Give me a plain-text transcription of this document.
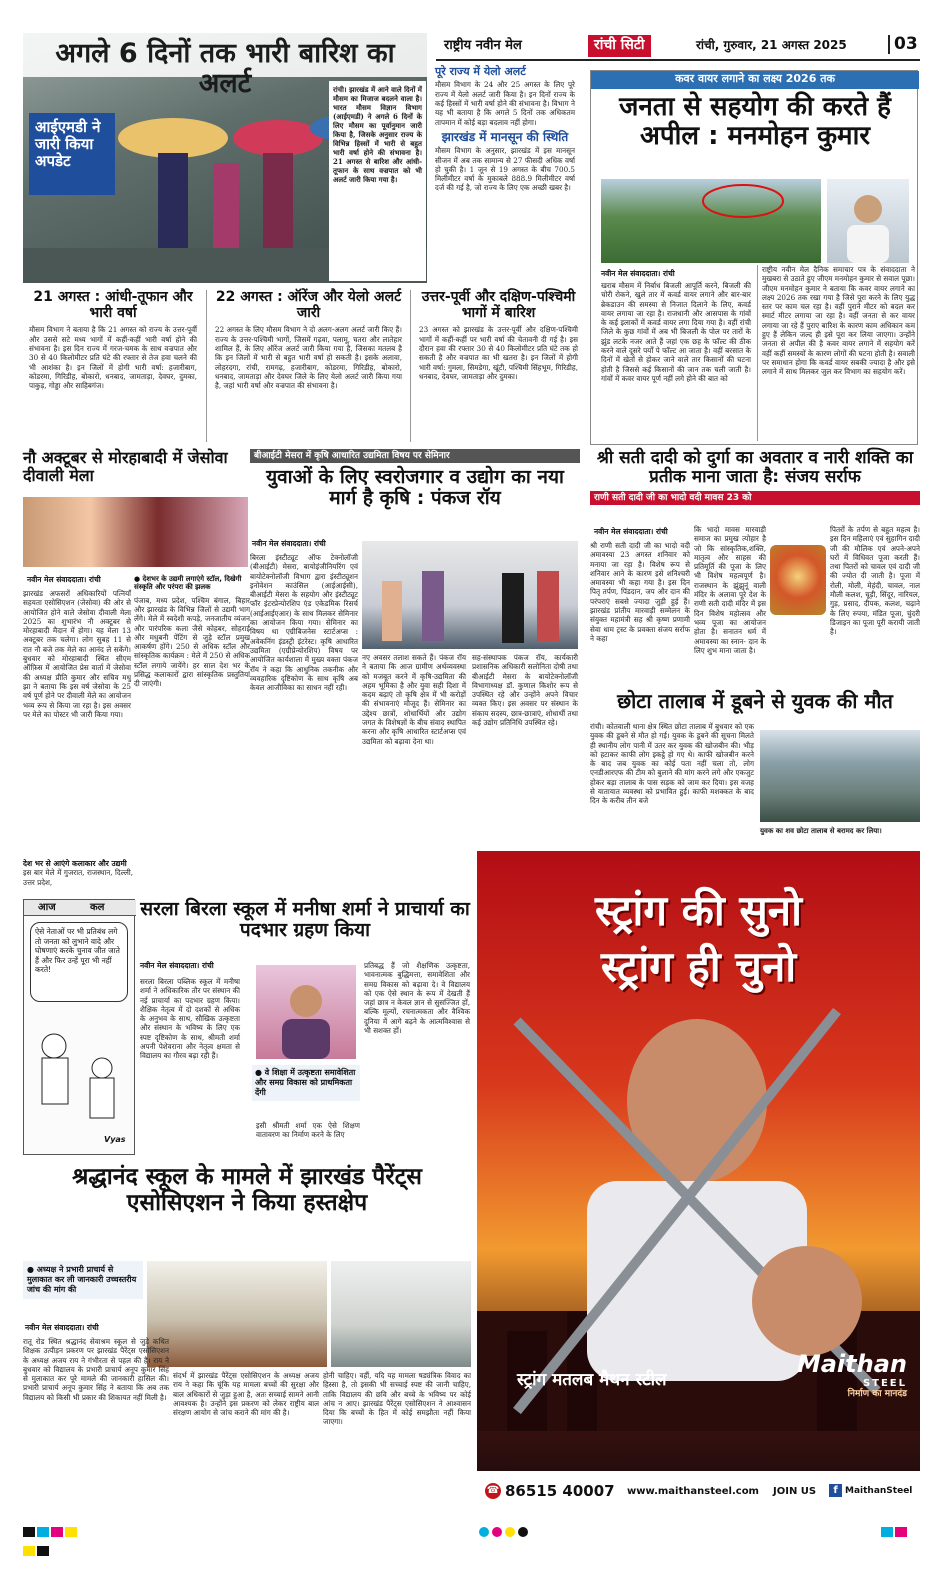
अगले 6 दिनों तक भारी बारिश का अलर्ट
आईएमडी ने जारी किया अपडेट
रांची। झारखंड में आने वाले दिनों में मौसम का मिजाज बदलने वाला है। भारत मौसम विज्ञान विभाग (आईएमडी) ने अगले 6 दिनों के लिए मौसम का पूर्वानुमान जारी किया है, जिसके अनुसार राज्य के विभिन्न हिस्सों में भारी से बहुत भारी वर्षा होने की संभावना है। 21 अगस्त से बारिश और आंधी-तूफान के साथ वज्रपात को भी अलर्ट जारी किया गया है।
पूरे राज्य में येलो अलर्ट
मौसम विभाग के 24 और 25 अगस्त के लिए पूरे राज्य में येलो अलर्ट जारी किया है। इन दिनों राज्य के कई हिस्सों में भारी वर्षा होने की संभावना है। विभाग ने यह भी बताया है कि अगले 5 दिनों तक अधिकतम तापमान में कोई बड़ा बदलाव नहीं होगा।
झारखंड में मानसून की स्थिति
मौसम विभाग के अनुसार, झारखंड में इस मानसून सीजन में अब तक सामान्य से 27 फीसदी अधिक वर्षा हो चुकी है। 1 जून से 19 अगस्त के बीच 700.5 मिलीमीटर वर्षा के मुकाबले 888.9 मिलीमीटर वर्षा दर्ज की गई है, जो राज्य के लिए एक अच्छी खबर है।
21 अगस्त : आंधी-तूफान और भारी वर्षा
मौसम विभाग ने बताया है कि 21 अगस्त को राज्य के उत्तर-पूर्वी और उससे सटे मध्य भागों में कहीं-कहीं भारी वर्षा होने की संभावना है। इस दिन राज्य में गरज-चमक के साथ वज्रपात और 30 से 40 किलोमीटर प्रति घंटे की रफ्तार से तेज हवा चलने की भी आशंका है। इन जिलों में होगी भारी वर्षा: हजारीबाग, कोडरमा, गिरिडीह, बोकारो, धनबाद, जामताड़ा, देवघर, दुमका, पाकुड़, गोड्डा और साहिबगंज।
22 अगस्त : ऑरेंज और येलो अलर्ट जारी
22 अगस्त के लिए मौसम विभाग ने दो अलग-अलग अलर्ट जारी किए हैं। राज्य के उत्तर-पश्चिमी भागों, जिसमें गढ़वा, पलामू, चतरा और लातेहार शामिल हैं, के लिए ऑरेंज अलर्ट जारी किया गया है, जिसका मतलब है कि इन जिलों में भारी से बहुत भारी वर्षा हो सकती है। इसके अलावा, लोहरदगा, रांची, रामगढ़, हजारीबाग, कोडरमा, गिरिडीह, बोकारो, धनबाद, जामताड़ा और देवघर जिले के लिए येलो अलर्ट जारी किया गया है, जहां भारी वर्षा और वज्रपात की संभावना है।
उत्तर-पूर्वी और दक्षिण-पश्चिमी भागों में बारिश
23 अगस्त को झारखंड के उत्तर-पूर्वी और दक्षिण-पश्चिमी भागों में कहीं-कहीं पर भारी वर्षा की चेतावनी दी गई है। इस दौरान हवा की रफ्तार 30 से 40 किलोमीटर प्रति घंटे तक हो सकती है और वज्रपात का भी खतरा है। इन जिलों में होगी भारी वर्षा: गुमला, सिमडेगा, खूंटी, पश्चिमी सिंहभूम, गिरिडीह, धनबाद, देवघर, जामताड़ा और दुमका।
राष्ट्रीय नवीन मेल	रांची सिटी	रांची, गुरुवार, 21 अगस्त 2025	03
कवर वायर लगाने का लक्ष्य 2026 तक
जनता से सहयोग की करते हैं अपील : मनमोहन कुमार
नवीन मेल संवाददाता। रांची
खराब मौसम में निर्बाध बिजली आपूर्ति करने, बिजली की चोरी रोकने, खुले तार में कवर्ड वायर लगाने और बार-बार ब्रेकडाउन की समस्या से निजात दिलाने के लिए, कवर्ड वायर लगाया जा रहा है। राजधानी और आसपास के गांवों के कई इलाकों में कवर्ड वायर लगा दिया गया है। वहीं रांची जिले के कुछ गांवों में अब भी बिजली के पोल पर तारों के झुंड लटके नजर आते हैं जहां एक छह के फॉल्ट की ठीक करने वाले दूसरे पर्यों पे फॉल्ट आ जाता है। वहीं बरसात के दिनों में खेतों से होकर जाने वाले तार किसानों की घटना होती है जिससे कई किसानों की जान तक चली जाती है। गांवों में कवर वायर पूर्ण नहीं लगे होने की बात को
राष्ट्रीय नवीन मेल दैनिक समाचार पत्र के संवाददाता ने मुखबरा से उठाते हुए जीएम मनमोहन कुमार से सवाल पूछा। जीएम मनमोहन कुमार ने बताया कि कवर वायर लगाने का लक्ष्य 2026 तक रखा गया है जिसे पूरा करने के लिए युद्ध स्तर पर काम चल रहा है। वहीं पुराने मीटर को बदल कर स्मार्ट मीटर लगाया जा रहा है। वहीं जनता से कर वायर लगाया जा रहे हैं पुराए बारिश के कारण काम अधिकान कम हुए हैं लेकिन जल्द ही इसे पूरा कर लिया जाएगा। उन्होंने जनता से अपील की है कवर वायर लगाने में सहयोग करें वहीं कहीं समस्यों के कारण लोगों की घटना होती है। सवाली पर समाधान होगा कि कवर्ड वायर सबकी ज्यादा है और इसे लगाने में साथ मिलकर जुल कर विभाग का सहयोग करें।
नौ अक्टूबर से मोरहाबादी में जेसोवा दीवाली मेला
नवीन मेल संवाददाता। रांची
झारखंड अफसरों अधिकारियों पत्नियाँ सहयता एसोसिएशन (जेसोवा) की ओर से आयोजित होने वाले जेसोवा दीवाली मेला 2025 का शुभारंभ नौ अक्टूबर से मोरहाबादी मैदान में होगा। यह मेला 13 अक्टूबर तक चलेगा। लोग सुबह 11 से रात नौ बजे तक मेले का आनंद ले सकेंगे। बुधवार को मोरहाबादी स्थित सीएम ऑफ़िस में आयोजित प्रेस वार्ता में जेसोवा की अध्यक्ष प्रीति कुमार और सचिव मधु झा ने बताया कि इस वर्ष जेसोवा के 25 वर्ष पूर्ण होने पर दीवाली मेले का आयोजन भव्य रूप से किया जा रहा है। इस अवसर पर मेले का पोस्टर भी जारी किया गया।
● देशभर के उद्यमी लगाएंगे स्टॉल, दिखेगी संस्कृति और परंपरा की झलक
पंजाब, मध्य प्रदेश, पश्चिम बंगाल, बिहार और झारखंड के विभिन्न जिलों से उद्यमी भाग लेंगे। मेले में स्वदेशी कपड़े, जनजातीय व्यंजन और पारंपरिक कला जैसे कोहबर, सोहराई और मधुबनी पेंटिंग से जुड़े स्टॉल प्रमुख आकर्षण होंगे। 250 से अधिक स्टॉल और सांस्कृतिक कार्यक्रम : मेले में 250 से अधिक स्टॉल लगाये जायेंगे। हर साल देश भर के प्रसिद्ध कलाकारों द्वारा सांस्कृतिक प्रस्तुतियां दी जाएंगी।
देश भर से आएंगे कलाकार और उद्यमी
इस बार मेले में गुजरात, राजस्थान, दिल्ली, उत्तर प्रदेश,
बीआईटी मेसरा में कृषि आधारित उद्यमिता विषय पर सेमिनार
युवाओं के लिए स्वरोजगार व उद्योग का नया मार्ग है कृषि : पंकज रॉय
नवीन मेल संवाददाता। रांची
बिरला इंस्टीट्यूट ऑफ टेक्नोलॉजी (बीआईटी) मेसरा, बायोइंजीनियरिंग एवं बायोटेक्नोलॉजी विभाग द्वारा इंस्टीट्यूशन इनोवेशन काउंसिल (आईआईसी), बीआईटी मेसरा के सहयोग और इंस्टीट्यूट फॉर इंटरप्रेन्योरशिप एंड एकेडमिक रिसर्च (आईआईएआर) के साथ मिलकर सेमिनार का आयोजन किया गया। सेमिनार का विषय था एग्रीबिजनेस स्टार्टअप्स : अवेकनिंग इंडस्ट्री इंटरेस्ट। कृषि आधारित उद्यमिता (एग्रीप्रेन्योरशिप) विषय पर आयोजित कार्यशाला में मुख्य वक्ता पंकज रॉय ने कहा कि आधुनिक तकनीक और व्यवहारिक दृष्टिकोण के साथ कृषि अब केवल आजीविका का साधन नहीं रही।
नए अवसर तलाश सकते हैं। पंकज रॉय ने बताया कि आज ग्रामीण अर्थव्यवस्था को मजबूत करने में कृषि-उद्यमिता की अहम भूमिका है और युवा सही दिशा में कदम बढ़ाएं तो कृषि क्षेत्र में भी करोड़ों की संभावनाएं मौजूद हैं। सेमिनार का उद्देश्य छात्रों, शोधार्थियों और उद्योग जगत के विशेषज्ञों के बीच संवाद स्थापित करना और कृषि आधारित स्टार्टअप्स एवं उद्यमिता को बढ़ावा देना था।
सह-संस्थापक पंकज रॉय, कार्यकारी प्रशासनिक अधिकारी सलोनिता दोषी तथा बीआईटी मेसरा के बायोटेक्नोलॉजी विभागाध्यक्ष डॉ. कुणाल किशोर रूप से उपस्थित रहे और उन्होंने अपने विचार व्यक्त किए। इस अवसर पर संस्थान के संकाय सदस्य, छात्र-छात्राएं, शोधार्थी तथा कई उद्योग प्रतिनिधि उपस्थित रहे।
श्री सती दादी को दुर्गा का अवतार व नारी शक्ति का प्रतीक माना जाता है: संजय सर्राफ
राणी सती दादी जी का भादो वदी मावस 23 को
नवीन मेल संवाददाता। रांची
श्री राणी सती दादी जी का भादो वदी अमावस्या 23 अगस्त शनिवार को मनाया जा रहा है। विशेष रूप से शनिवार आने के कारण इसे शनिश्चरी अमावस्या भी कहा गया है। इस दिन पितृ तर्पण, पिंडदान, जप और दान की परंपराएं सबसे ज्यादा जुड़ी हुई हैं। झारखंड प्रांतीय मारवाड़ी सम्मेलन के संयुक्त महामंत्री सह श्री कृष्ण प्रणामी सेवा धाम ट्रस्ट के प्रवक्ता संजय सर्राफ ने कहा
कि भादो मावस मारवाड़ी समाज का प्रमुख त्योहार है जो कि सांस्कृतिक,शक्ति, मातृत्व और साहस की प्रतिमूर्ति की पूजा के लिए भी विशेष महत्वपूर्ण है। राजस्थान के झुंझुनूं वाली मंदिर के अलावा पूरे देश के राणी सती दादी मंदिर में इस दिन विशेष महोत्सव और भव्य पूजा का आयोजन होता है। सनातन धर्म में अमावस्या का स्नान- दान के लिए शुभ माना जाता है।
पितरों के तर्पण से बहुत महत्व है। इस दिन महिलाएं एवं सुहागिन दादी जी की मौलिक एवं अपने-अपने घरों में विधिवत पूजा करती हैं। तथा पितरों को चावल एवं दादी जी की ज्योत दी जाती है। पूजा में रोली, मोली, मेहंदी, चावल, नाल मौली कलश, चूड़ी, सिंदूर, नारियल, गुड़, प्रसाद, दीपक, कलश, चढ़ाने के लिए रुपया, मंडित पूजा, चुंदरी डिजाइन का पूजा पूरी करायी जाती है।
छोटा तालाब में डूबने से युवक की मौत
रांची। कोतवाली थाना क्षेत्र स्थित छोटा तालाब में बुधवार को एक युवक की डूबने से मौत हो गई। युवक के डूबने की सूचना मिलते ही स्थानीय लोग पानी में उतर कर युवक की खोजबीन की। भीड़ को हटाकर काफी लोग इकट्ठे हो गए थे। काफी खोजबीन करने के बाद जब युवक का कोई पता नहीं चला तो, लोग एनडीआरएफ की टीम को बुलाने की मांग करने लगे और एकजुट होकर बड़ा तालाब के पास सड़क को जाम कर दिया। इस वजह से यातायात व्यवस्था को प्रभावित हुई। काफी मशक्कत के बाद दिन के करीब तीन बजे
युवक का शव छोटा तालाब से बरामद कर लिया।
आज	कल
ऐसे नेताओं पर भी प्रतिबंध लगे तो जनता को लुभाने वादे और घोषणाएं करके चुनाव जीत जाते हैं और फिर उन्हें पूरा भी नहीं करते!
Vyas
सरला बिरला स्कूल में मनीषा शर्मा ने प्राचार्या का पदभार ग्रहण किया
नवीन मेल संवाददाता। रांची
सरला बिरला पब्लिक स्कूल में मनीषा शर्मा ने अधिकारिक तौर पर संस्थान की नई प्राचार्या का पदभार ग्रहण किया। शैक्षिक नेतृत्व में दो दशकों से अधिक के अनुभव के साथ, सौखिक उत्कृष्टता और संस्थान के भविष्य के लिए एक स्पष्ट दृष्टिकोण के साथ, श्रीमती शर्मा अपनी पेशेवराना और नेतृत्व क्षमता से विद्यालय का गौरव बढ़ा रही हैं।
● वे शिक्षा में उत्कृष्टता समावेशिता और समग्र विकास को प्राथमिकता देंगी
इसी श्रीमती शर्मा एक ऐसे शिक्षण वातावरण का निर्माण करने के लिए
प्रतिबद्ध हैं जो शैक्षणिक उत्कृष्टता, भावनात्मक बुद्धिमत्ता, समावेशिता और समग्र विकास को बढ़ावा दे। वे विद्यालय को एक ऐसे स्थान के रूप में देखती हैं जहां छात्र न केवल ज्ञान से सुसज्जित हों, बल्कि मूल्यों, रचनात्मकता और वैश्विक दुनिया में आगे बढ़ने के आत्मविश्वास से भी सशक्त हों।
श्रद्धानंद स्कूल के मामले में झारखंड पैरेंट्स एसोसिएशन ने किया हस्तक्षेप
● अध्यक्ष ने प्रभारी प्राचार्य से मुलाकात कर ली जानकारी उच्चस्तरीय जांच की मांग की
नवीन मेल संवाददाता। रांची
रातू रोड स्थित श्रद्धानंद सेवाश्रम स्कूल से जुड़े कथित शिक्षक उत्पीड़न प्रकरण पर झारखंड पैरेंट्स एसोसिएशन के अध्यक्ष अजय राय ने गंभीरता से पहल की है। राय ने बुधवार को विद्यालय के प्रभारी प्राचार्य अनूप कुमार सिंह से मुलाकात कर पूरे मामले की जानकारी हासिल की। प्रभारी प्राचार्य अनूप कुमार सिंह ने बताया कि अब तक विद्यालय को किसी भी प्रकार की शिकायत नहीं मिली है।
संदर्भ में झारखंड पैरेंट्स एसोसिएशन के अध्यक्ष अजय राय ने कहा कि चूंकि यह मामला बच्चों की सुरक्षा और बाल अधिकारों से जुड़ा हुआ है, अतः सच्चाई सामने आनी आवश्यक है। उन्होंने इस प्रकरण को लेकर राष्ट्रीय बाल संरक्षण आयोग से जांच कराने की मांग की है।
होनी चाहिए। वहीं, यदि यह मामला षड्यंत्रिक विवाद का हिस्सा है, तो इसकी भी सच्चाई स्पष्ट की जानी चाहिए, ताकि विद्यालय की छवि और बच्चे के भविष्य पर कोई आंच न आए। झारखंड पैरेंट्स एसोसिएशन ने आश्वासन दिया कि बच्चों के हित में कोई समझौता नहीं किया जाएगा।
स्ट्रांग की सुनो
स्ट्रांग ही चुनो
स्ट्रांग मतलब मैथन स्टील
Maithan
STEEL
निर्माण का मानदंड
☎ 86515 40007 www.maithansteel.com JOIN US	f MaithanSteel
